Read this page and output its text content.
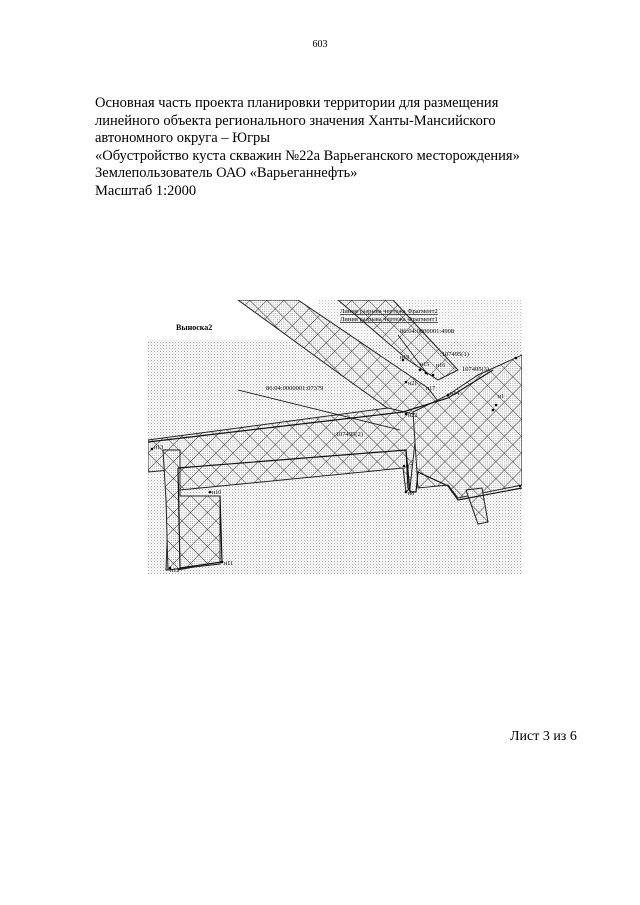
603
Основная часть проекта планировки территории для размещения
линейного объекта регионального значения Ханты-Мансийского
автономного округа – Югры
«Обустройство куста скважин №22а Варьеганского месторождения»
Землепользователь ОАО «Варьеганнефть»
Масштаб 1:2000
Выноска2
Линия разрыва чертежа Фрагмент2
Линия разрыва чертежа Фрагмент1
86:04:0000001:4908
86:04:0000001:07379
:107495(1)
:107495(2)
107495(3)
н13
н10
н12
н11
н7
н8
н22
н19
н21
н15 н16
н17
н14	н1
Лист 3 из 6
